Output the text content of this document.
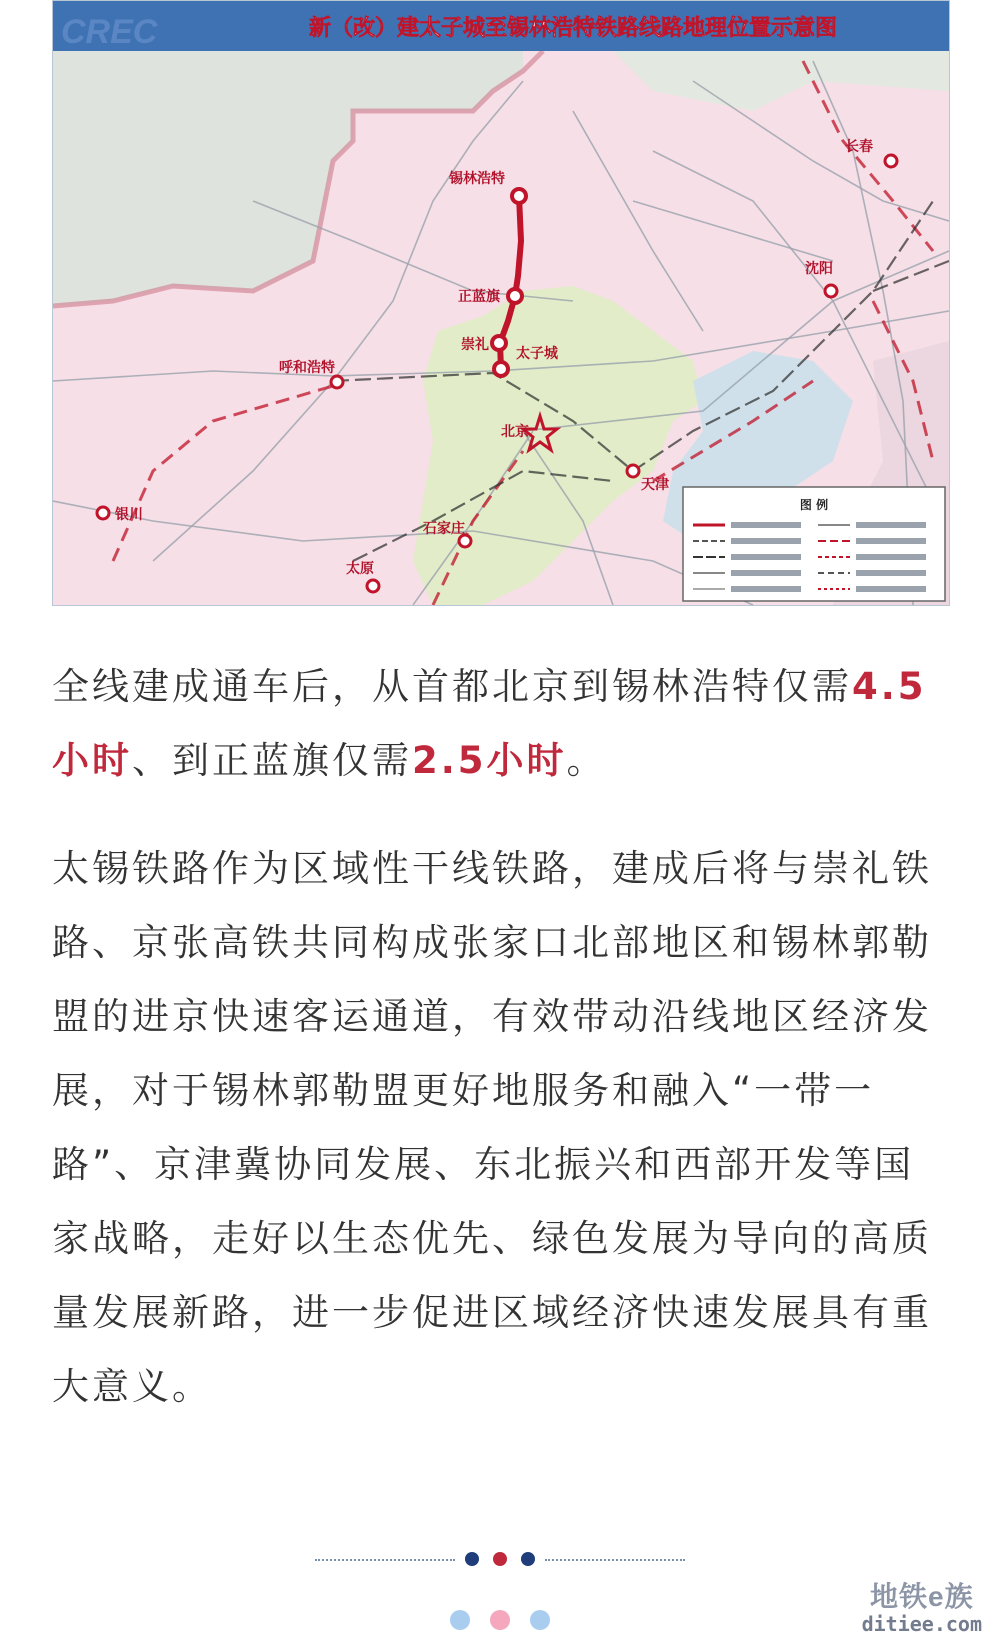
锡林浩特
正蓝旗
崇礼
太子城
呼和浩特
北京
天津
石家庄
太原
银川
沈阳
长春
CREC	新（改）建太子城至锡林浩特铁路线路地理位置示意图
图 例

全线建成通车后，从首都北京到锡林浩特仅需4.5小时、到正蓝旗仅需2.5小时。

太锡铁路作为区域性干线铁路，建成后将与崇礼铁路、京张高铁共同构成张家口北部地区和锡林郭勒盟的进京快速客运通道，有效带动沿线地区经济发展，对于锡林郭勒盟更好地服务和融入“一带一路”、京津冀协同发展、东北振兴和西部开发等国家战略，走好以生态优先、绿色发展为导向的高质量发展新路，进一步促进区域经济快速发展具有重大意义。

地铁e族
ditiee.com
